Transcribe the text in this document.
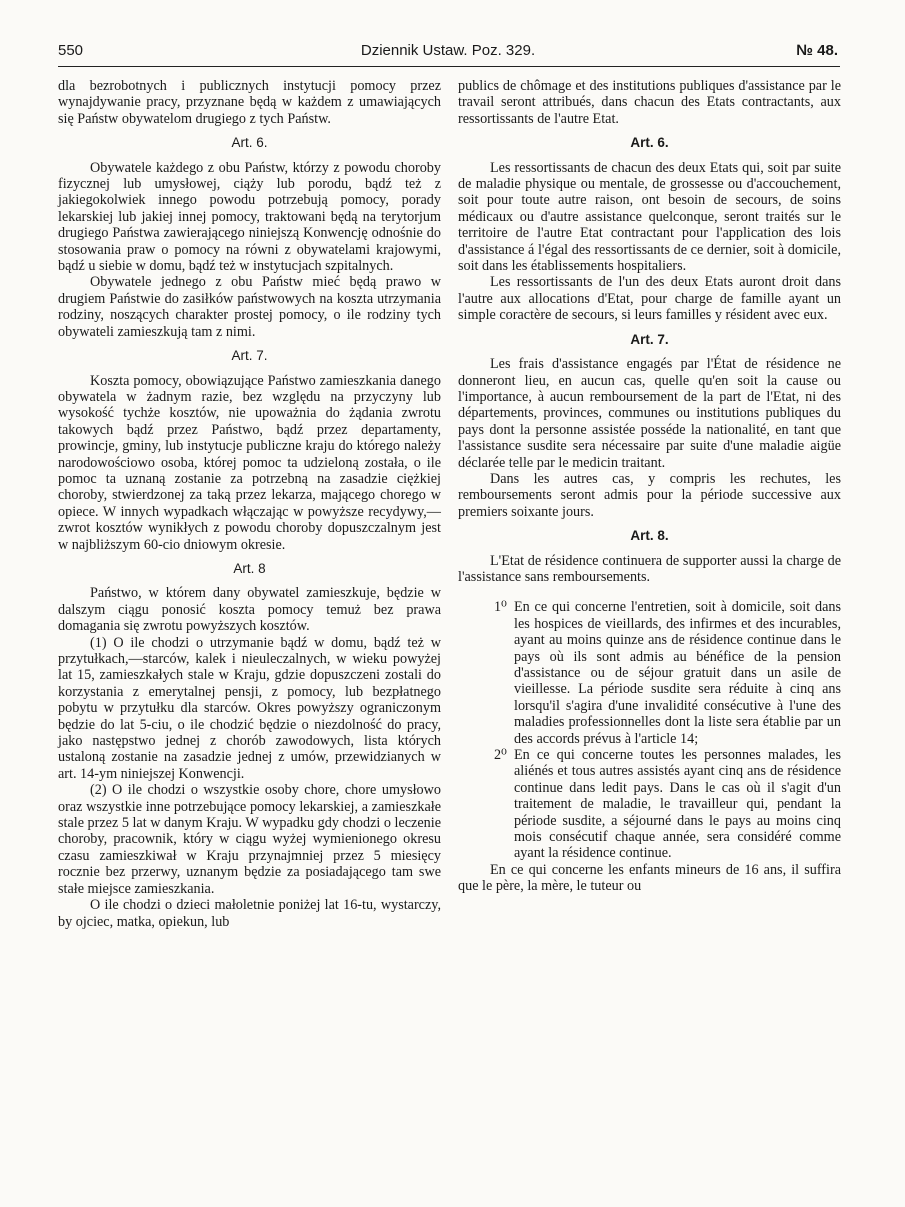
550	Dziennik Ustaw. Poz. 329.	№ 48.

dla bezrobotnych i publicznych instytucji pomocy przez wynajdywanie pracy, przyznane będą w każdem z umawiających się Państw obywatelom drugiego z tych Państw.

Art. 6.

Obywatele każdego z obu Państw, którzy z powodu choroby fizycznej lub umysłowej, ciąży lub porodu, bądź też z jakiegokolwiek innego powodu potrzebują pomocy, porady lekarskiej lub jakiej innej pomocy, traktowani będą na terytorjum drugiego Państwa zawierającego niniejszą Konwencję odnośnie do stosowania praw o pomocy na równi z obywatelami krajowymi, bądź u siebie w domu, bądź też w instytucjach szpitalnych.

Obywatele jednego z obu Państw mieć będą prawo w drugiem Państwie do zasiłków państwowych na koszta utrzymania rodziny, noszących charakter prostej pomocy, o ile rodziny tych obywateli zamieszkują tam z nimi.

Art. 7.

Koszta pomocy, obowiązujące Państwo zamieszkania danego obywatela w żadnym razie, bez względu na przyczyny lub wysokość tychże kosztów, nie upoważnia do żądania zwrotu takowych bądź przez Państwo, bądź przez departamenty, prowincje, gminy, lub instytucje publiczne kraju do którego należy narodowościowo osoba, której pomoc ta udzieloną została, o ile pomoc ta uznaną zostanie za potrzebną na zasadzie ciężkiej choroby, stwierdzonej za taką przez lekarza, mającego chorego w opiece. W innych wypadkach włączając w powyższe recydywy,—zwrot kosztów wynikłych z powodu choroby dopuszczalnym jest w najbliższym 60-cio dniowym okresie.

Art. 8

Państwo, w którem dany obywatel zamieszkuje, będzie w dalszym ciągu ponosić koszta pomocy temuż bez prawa domagania się zwrotu powyższych kosztów.

(1) O ile chodzi o utrzymanie bądź w domu, bądź też w przytułkach,—starców, kalek i nieuleczalnych, w wieku powyżej lat 15, zamieszkałych stale w Kraju, gdzie dopuszczeni zostali do korzystania z emerytalnej pensji, z pomocy, lub bezpłatnego pobytu w przytułku dla starców. Okres powyższy ograniczonym będzie do lat 5-ciu, o ile chodzić będzie o niezdolność do pracy, jako następstwo jednej z chorób zawodowych, lista których ustaloną zostanie na zasadzie jednej z umów, przewidzianych w art. 14-ym niniejszej Konwencji.

(2) O ile chodzi o wszystkie osoby chore, chore umysłowo oraz wszystkie inne potrzebujące pomocy lekarskiej, a zamieszkałe stale przez 5 lat w danym Kraju. W wypadku gdy chodzi o leczenie choroby, pracownik, który w ciągu wyżej wymienionego okresu czasu zamieszkiwał w Kraju przynajmniej przez 5 miesięcy rocznie bez przerwy, uznanym będzie za posiadającego tam swe stałe miejsce zamieszkania.

O ile chodzi o dzieci małoletnie poniżej lat 16-tu, wystarczy, by ojciec, matka, opiekun, lub

publics de chômage et des institutions publiques d'assistance par le travail seront attribués, dans chacun des Etats contractants, aux ressortissants de l'autre Etat.

Art. 6.

Les ressortissants de chacun des deux Etats qui, soit par suite de maladie physique ou mentale, de grossesse ou d'accouchement, soit pour toute autre raison, ont besoin de secours, de soins médicaux ou d'autre assistance quelconque, seront traités sur le territoire de l'autre Etat contractant pour l'application des lois d'assistance á l'égal des ressortissants de ce dernier, soit à domicile, soit dans les établissements hospitaliers.

Les ressortissants de l'un des deux Etats auront droit dans l'autre aux allocations d'Etat, pour charge de famille ayant un simple coractère de secours, si leurs familles y résident avec eux.

Art. 7.

Les frais d'assistance engagés par l'État de résidence ne donneront lieu, en aucun cas, quelle qu'en soit la cause ou l'importance, à aucun remboursement de la part de l'Etat, ni des départements, provinces, communes ou institutions publiques du pays dont la personne assistée posséde la nationalité, en tant que l'assistance susdite sera nécessaire par suite d'une maladie aigüe déclarée telle par le medicin traitant.

Dans les autres cas, y compris les rechutes, les remboursements seront admis pour la période successive aux premiers soixante jours.

Art. 8.

L'Etat de résidence continuera de supporter aussi la charge de l'assistance sans remboursements.

1⁰ En ce qui concerne l'entretien, soit à domicile, soit dans les hospices de vieillards, des infirmes et des incurables, ayant au moins quinze ans de résidence continue dans le pays où ils sont admis au bénéfice de la pension d'assistance ou de séjour gratuit dans un asile de vieillesse. La période susdite sera réduite à cinq ans lorsqu'il s'agira d'une invalidité consécutive à l'une des maladies professionnelles dont la liste sera établie par un des accords prévus à l'article 14;
2⁰ En ce qui concerne toutes les personnes malades, les aliénés et tous autres assistés ayant cinq ans de résidence continue dans ledit pays. Dans le cas où il s'agit d'un traitement de maladie, le travailleur qui, pendant la période susdite, a séjourné dans le pays au moins cinq mois consécutif chaque année, sera considéré comme ayant la résidence continue.

En ce qui concerne les enfants mineurs de 16 ans, il suffira que le père, la mère, le tuteur ou
